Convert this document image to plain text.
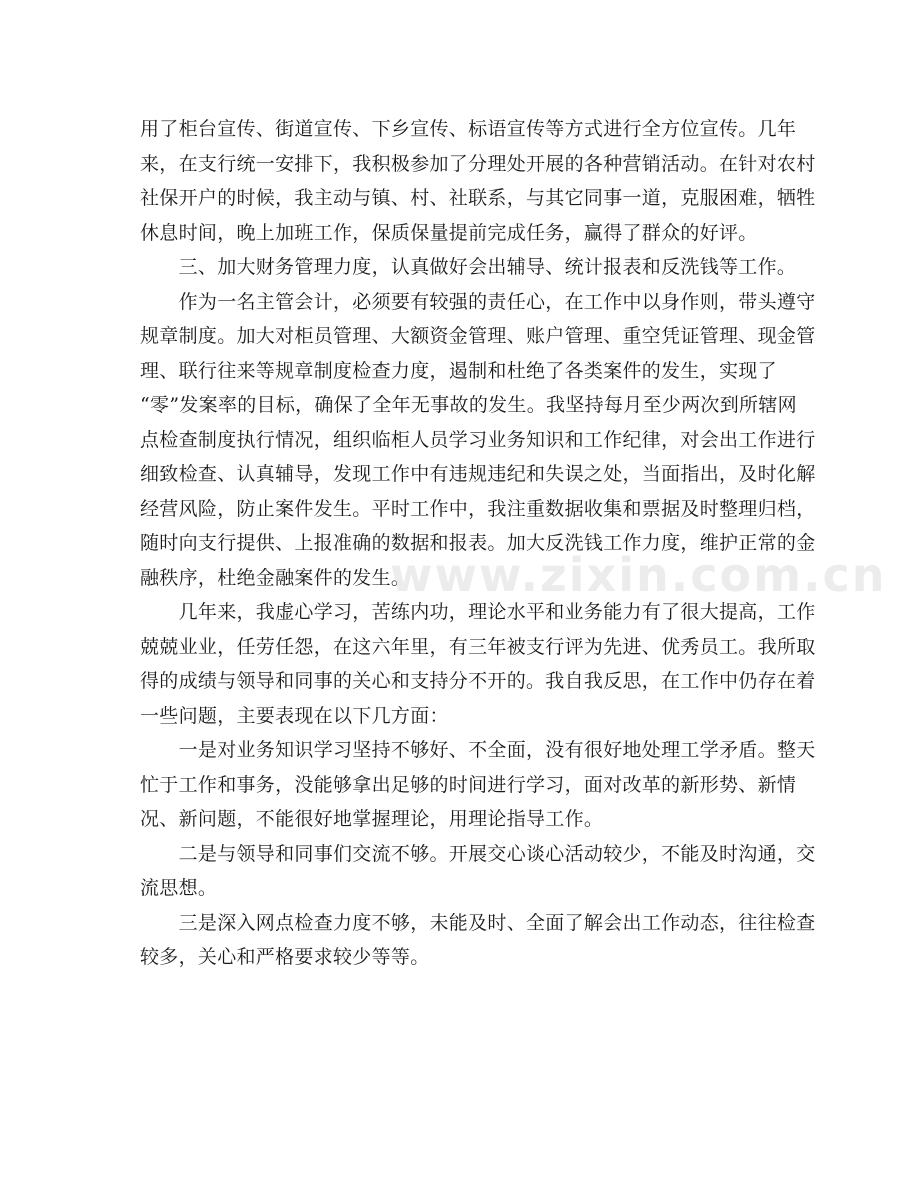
用了柜台宣传、街道宣传、下乡宣传、标语宣传等方式进行全方位宣传。几年
来，在支行统一安排下，我积极参加了分理处开展的各种营销活动。在针对农村
社保开户的时候，我主动与镇、村、社联系，与其它同事一道，克服困难，牺牲
休息时间，晚上加班工作，保质保量提前完成任务，赢得了群众的好评。

　　三、加大财务管理力度，认真做好会出辅导、统计报表和反洗钱等工作。

　　作为一名主管会计，必须要有较强的责任心，在工作中以身作则，带头遵守
规章制度。加大对柜员管理、大额资金管理、账户管理、重空凭证管理、现金管
理、联行往来等规章制度检查力度，遏制和杜绝了各类案件的发生，实现了
“零”发案率的目标，确保了全年无事故的发生。我坚持每月至少两次到所辖网
点检查制度执行情况，组织临柜人员学习业务知识和工作纪律，对会出工作进行
细致检查、认真辅导，发现工作中有违规违纪和失误之处，当面指出，及时化解
经营风险，防止案件发生。平时工作中，我注重数据收集和票据及时整理归档，
随时向支行提供、上报准确的数据和报表。加大反洗钱工作力度，维护正常的金
融秩序，杜绝金融案件的发生。

　　几年来，我虚心学习，苦练内功，理论水平和业务能力有了很大提高，工作
兢兢业业，任劳任怨，在这六年里，有三年被支行评为先进、优秀员工。我所取
得的成绩与领导和同事的关心和支持分不开的。我自我反思，在工作中仍存在着
一些问题，主要表现在以下几方面：

　　一是对业务知识学习坚持不够好、不全面，没有很好地处理工学矛盾。整天
忙于工作和事务，没能够拿出足够的时间进行学习，面对改革的新形势、新情
况、新问题，不能很好地掌握理论，用理论指导工作。

　　二是与领导和同事们交流不够。开展交心谈心活动较少，不能及时沟通，交
流思想。

　　三是深入网点检查力度不够，未能及时、全面了解会出工作动态，往往检查
较多，关心和严格要求较少等等。

www.zixin.com.cn
